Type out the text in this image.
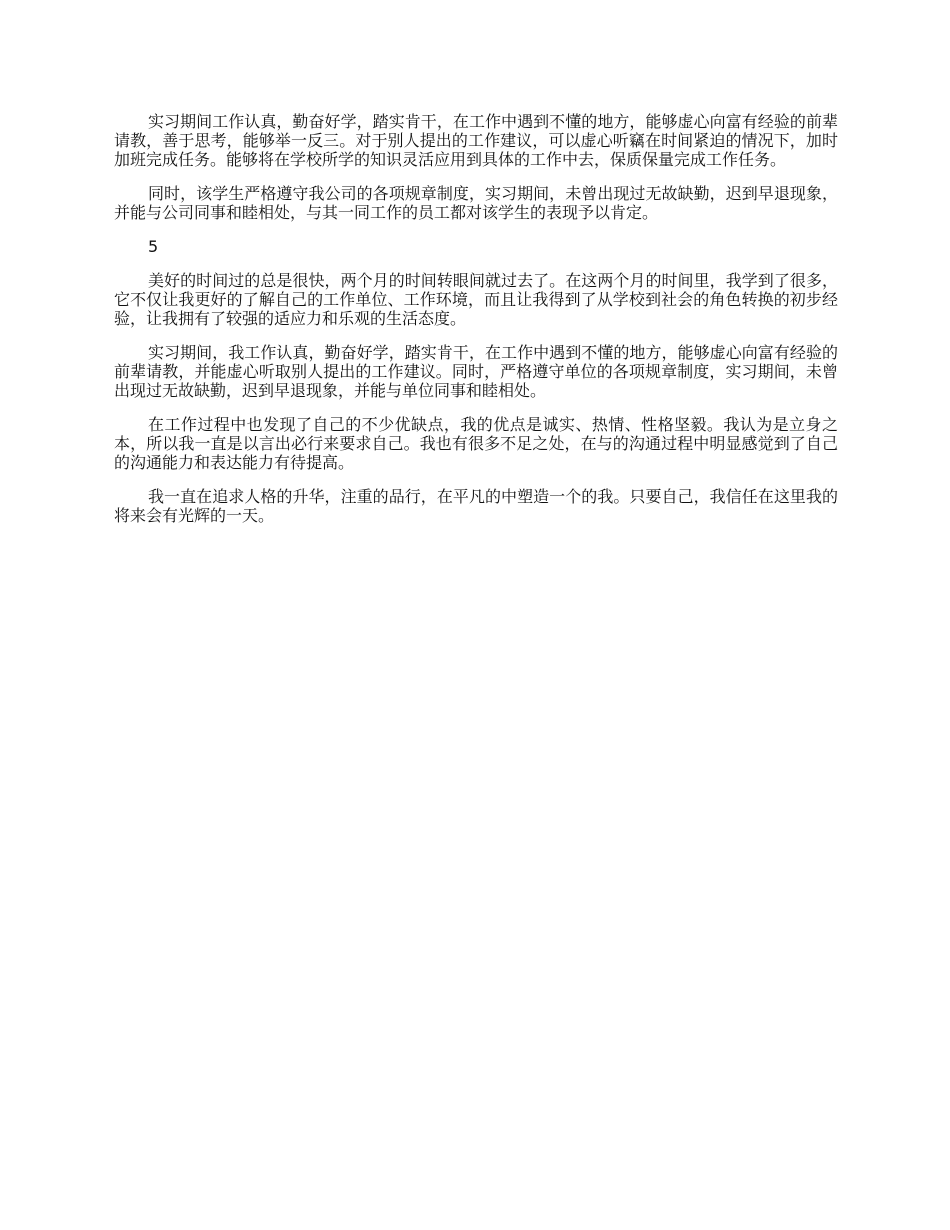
实习期间工作认真，勤奋好学，踏实肯干，在工作中遇到不懂的地方，能够虚心向富有经验的前辈请教，善于思考，能够举一反三。对于别人提出的工作建议，可以虚心听竊在时间紧迫的情况下，加时加班完成任务。能够将在学校所学的知识灵活应用到具体的工作中去，保质保量完成工作任务。

同时，该学生严格遵守我公司的各项规章制度，实习期间，未曾出现过无故缺勤，迟到早退现象，并能与公司同事和睦相处，与其一同工作的员工都对该学生的表现予以肯定。

5

美好的时间过的总是很快，两个月的时间转眼间就过去了。在这两个月的时间里，我学到了很多，它不仅让我更好的了解自己的工作单位、工作环境，而且让我得到了从学校到社会的角色转换的初步经验，让我拥有了较强的适应力和乐观的生活态度。

实习期间，我工作认真，勤奋好学，踏实肯干，在工作中遇到不懂的地方，能够虚心向富有经验的前辈请教，并能虚心听取别人提出的工作建议。同时，严格遵守单位的各项规章制度，实习期间，未曾出现过无故缺勤，迟到早退现象，并能与单位同事和睦相处。

在工作过程中也发现了自己的不少优缺点，我的优点是诚实、热情、性格坚毅。我认为是立身之本，所以我一直是以言出必行来要求自己。我也有很多不足之处，在与的沟通过程中明显感觉到了自己的沟通能力和表达能力有待提高。

我一直在追求人格的升华，注重的品行，在平凡的中塑造一个的我。只要自己，我信任在这里我的将来会有光辉的一天。
